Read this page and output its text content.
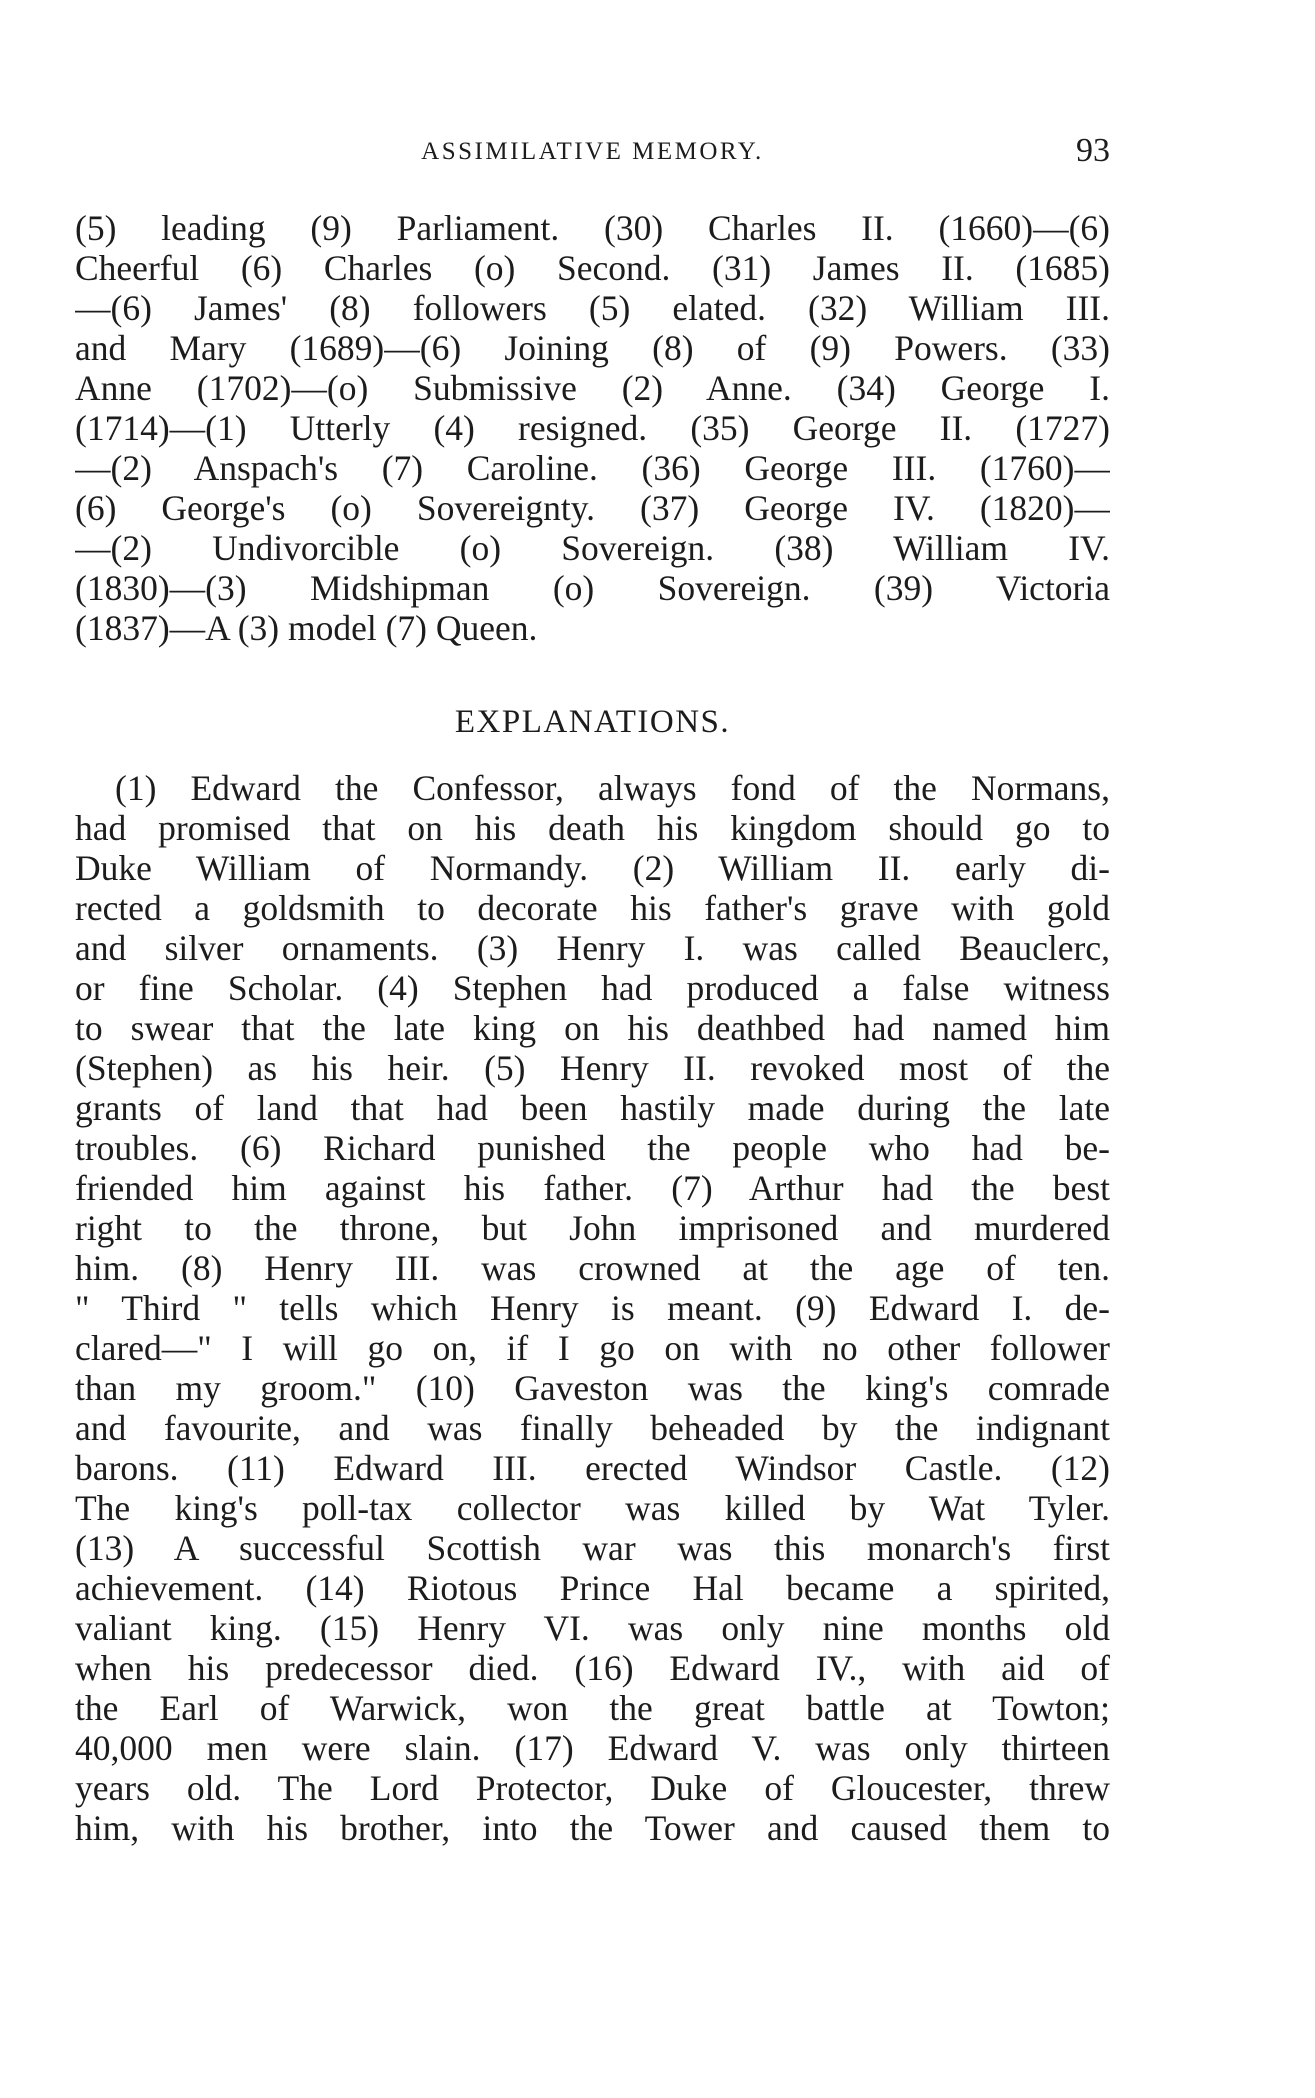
ASSIMILATIVE MEMORY.	93
(5) leading (9) Parliament. (30) Charles II. (1660)—(6)
Cheerful (6) Charles (o) Second. (31) James II. (1685)
—(6) James' (8) followers (5) elated. (32) William III.
and Mary (1689)—(6) Joining (8) of (9) Powers. (33)
Anne (1702)—(o) Submissive (2) Anne. (34) George I.
(1714)—(1) Utterly (4) resigned. (35) George II. (1727)
—(2) Anspach's (7) Caroline. (36) George III. (1760)—
(6) George's (o) Sovereignty. (37) George IV. (1820)—
—(2) Undivorcible (o) Sovereign. (38) William IV.
(1830)—(3) Midshipman (o) Sovereign. (39) Victoria
(1837)—A (3) model (7) Queen.
EXPLANATIONS.
(1) Edward the Confessor, always fond of the Normans,
had promised that on his death his kingdom should go to
Duke William of Normandy. (2) William II. early di-
rected a goldsmith to decorate his father's grave with gold
and silver ornaments. (3) Henry I. was called Beauclerc,
or fine Scholar. (4) Stephen had produced a false witness
to swear that the late king on his deathbed had named him
(Stephen) as his heir. (5) Henry II. revoked most of the
grants of land that had been hastily made during the late
troubles. (6) Richard punished the people who had be-
friended him against his father. (7) Arthur had the best
right to the throne, but John imprisoned and murdered
him. (8) Henry III. was crowned at the age of ten.
" Third " tells which Henry is meant. (9) Edward I. de-
clared—" I will go on, if I go on with no other follower
than my groom." (10) Gaveston was the king's comrade
and favourite, and was finally beheaded by the indignant
barons. (11) Edward III. erected Windsor Castle. (12)
The king's poll-tax collector was killed by Wat Tyler.
(13) A successful Scottish war was this monarch's first
achievement. (14) Riotous Prince Hal became a spirited,
valiant king. (15) Henry VI. was only nine months old
when his predecessor died. (16) Edward IV., with aid of
the Earl of Warwick, won the great battle at Towton;
40,000 men were slain. (17) Edward V. was only thirteen
years old. The Lord Protector, Duke of Gloucester, threw
him, with his brother, into the Tower and caused them to
